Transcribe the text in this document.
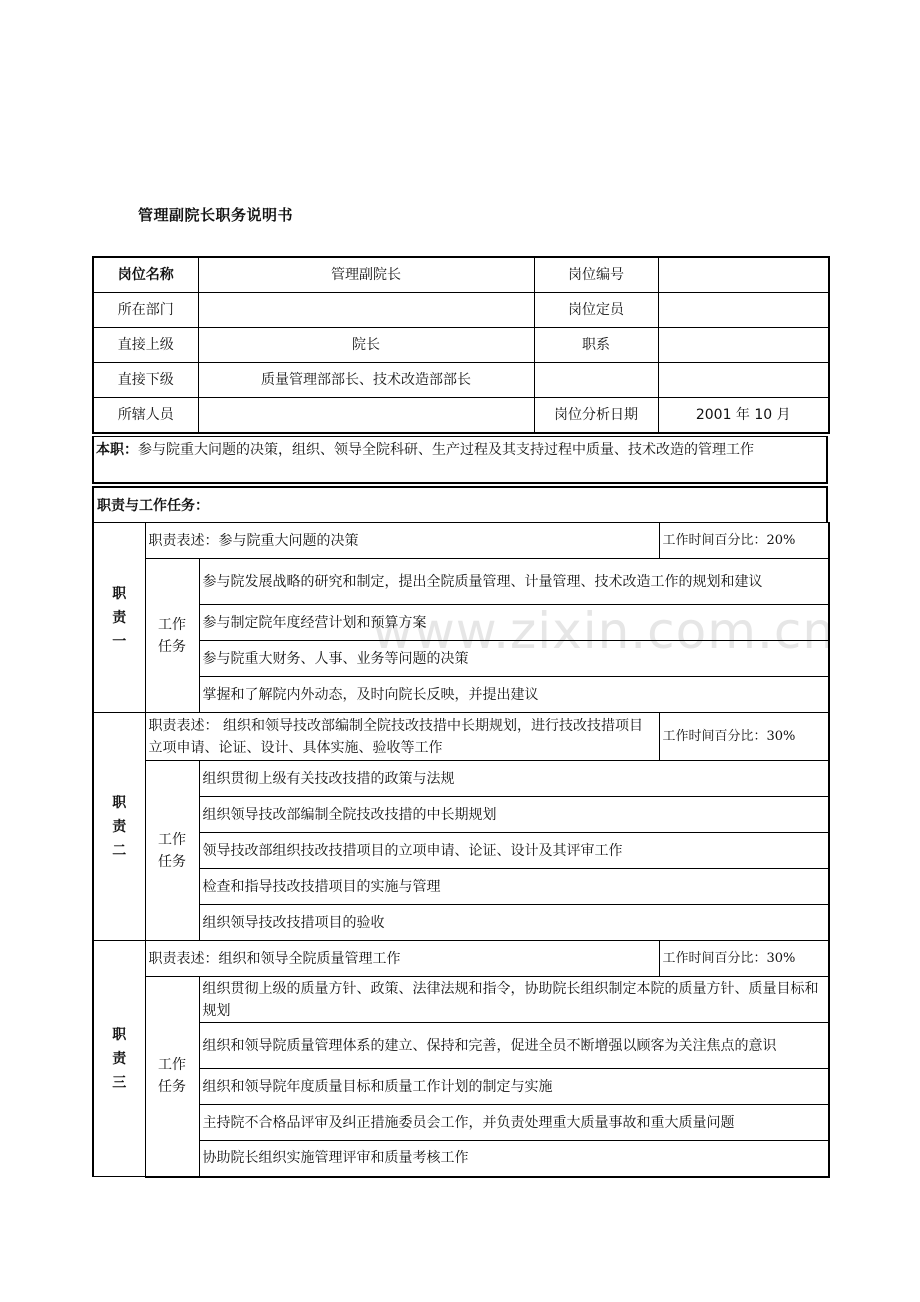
管理副院长职务说明书
www.zixin.com.cn
岗位名称	管理副院长	岗位编号	
所在部门		岗位定员	
直接上级	院长	职系	
直接下级	质量管理部部长、技术改造部部长		
所辖人员		岗位分析日期	2001 年 10 月
本职：参与院重大问题的决策，组织、领导全院科研、生产过程及其支持过程中质量、技术改造的管理工作
职责与工作任务：
职责一	职责表述：参与院重大问题的决策		工作时间百分比：20%
	工作任务	参与院发展战略的研究和制定，提出全院质量管理、计量管理、技术改造工作的规划和建议	
		参与制定院年度经营计划和预算方案	
		参与院重大财务、人事、业务等问题的决策	
		掌握和了解院内外动态，及时向院长反映，并提出建议	
职责二	职责表述： 组织和领导技改部编制全院技改技措中长期规划，进行技改技措项目立项申请、论证、设计、具体实施、验收等工作		工作时间百分比：30%
	工作任务	组织贯彻上级有关技改技措的政策与法规	
		组织领导技改部编制全院技改技措的中长期规划	
		领导技改部组织技改技措项目的立项申请、论证、设计及其评审工作	
		检查和指导技改技措项目的实施与管理	
		组织领导技改技措项目的验收	
职责三	职责表述：组织和领导全院质量管理工作		工作时间百分比：30%
	工作任务	组织贯彻上级的质量方针、政策、法律法规和指令，协助院长组织制定本院的质量方针、质量目标和规划	
		组织和领导院质量管理体系的建立、保持和完善，促进全员不断增强以顾客为关注焦点的意识	
		组织和领导院年度质量目标和质量工作计划的制定与实施	
		主持院不合格品评审及纠正措施委员会工作，并负责处理重大质量事故和重大质量问题	
		协助院长组织实施管理评审和质量考核工作	
